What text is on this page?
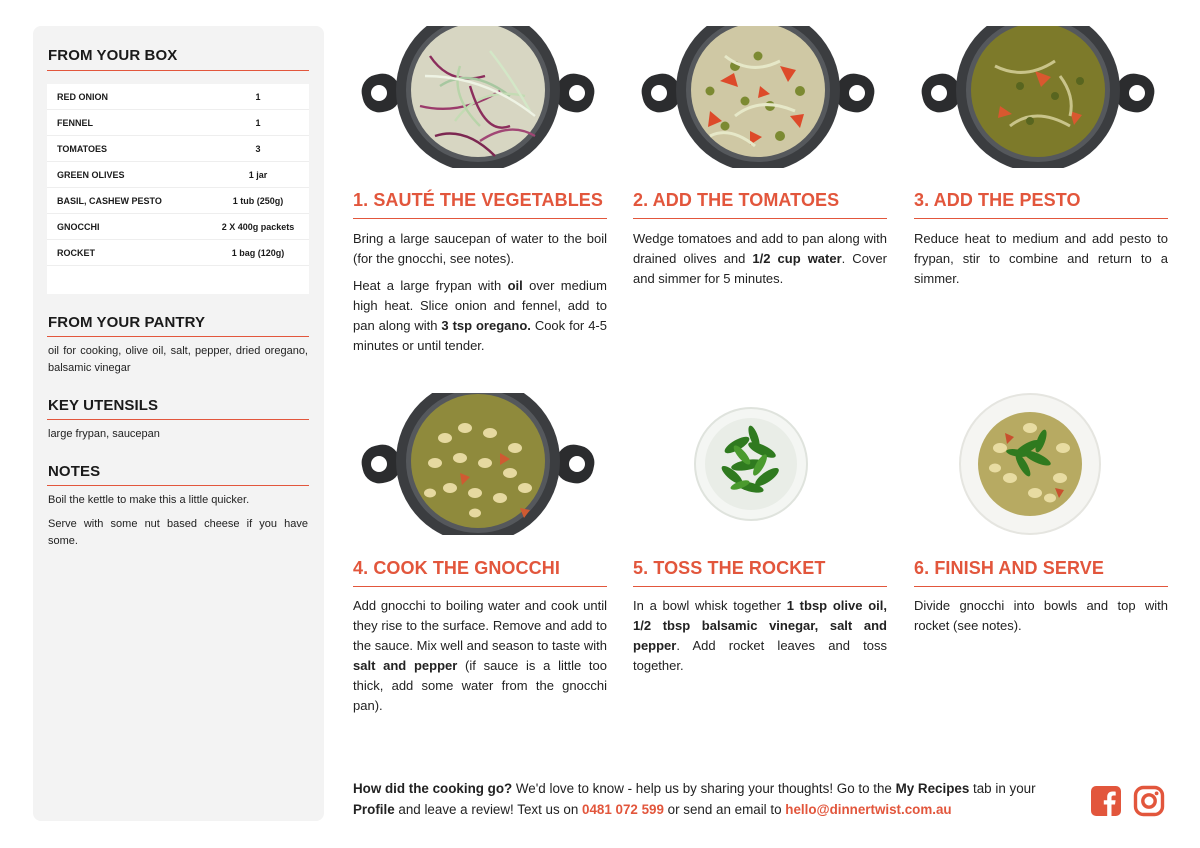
FROM YOUR BOX
RED ONION	1
FENNEL	1
TOMATOES	3
GREEN OLIVES	1 jar
BASIL, CASHEW PESTO	1 tub (250g)
GNOCCHI	2 X 400g packets
ROCKET	1 bag (120g)
FROM YOUR PANTRY
oil for cooking, olive oil, salt, pepper, dried oregano, balsamic vinegar
KEY UTENSILS
large frypan, saucepan
NOTES
Boil the kettle to make this a little quicker.
Serve with some nut based cheese if you have some.
1. SAUTÉ THE VEGETABLES

Bring a large saucepan of water to the boil (for the gnocchi, see notes).

Heat a large frypan with oil over medium high heat. Slice onion and fennel, add to pan along with 3 tsp oregano. Cook for 4-5 minutes or until tender.

2. ADD THE TOMATOES

Wedge tomatoes and add to pan along with drained olives and 1/2 cup water. Cover and simmer for 5 minutes.

3. ADD THE PESTO

Reduce heat to medium and add pesto to frypan, stir to combine and return to a simmer.

4. COOK THE GNOCCHI

Add gnocchi to boiling water and cook until they rise to the surface. Remove and add to the sauce. Mix well and season to taste with salt and pepper (if sauce is a little too thick, add some water from the gnocchi pan).

5. TOSS THE ROCKET

In a bowl whisk together 1 tbsp olive oil, 1/2 tbsp balsamic vinegar, salt and pepper. Add rocket leaves and toss together.

6. FINISH AND SERVE

Divide gnocchi into bowls and top with rocket (see notes).

How did the cooking go? We'd love to know - help us by sharing your thoughts! Go to the My Recipes tab in your Profile and leave a review! Text us on 0481 072 599 or send an email to hello@dinnertwist.com.au
